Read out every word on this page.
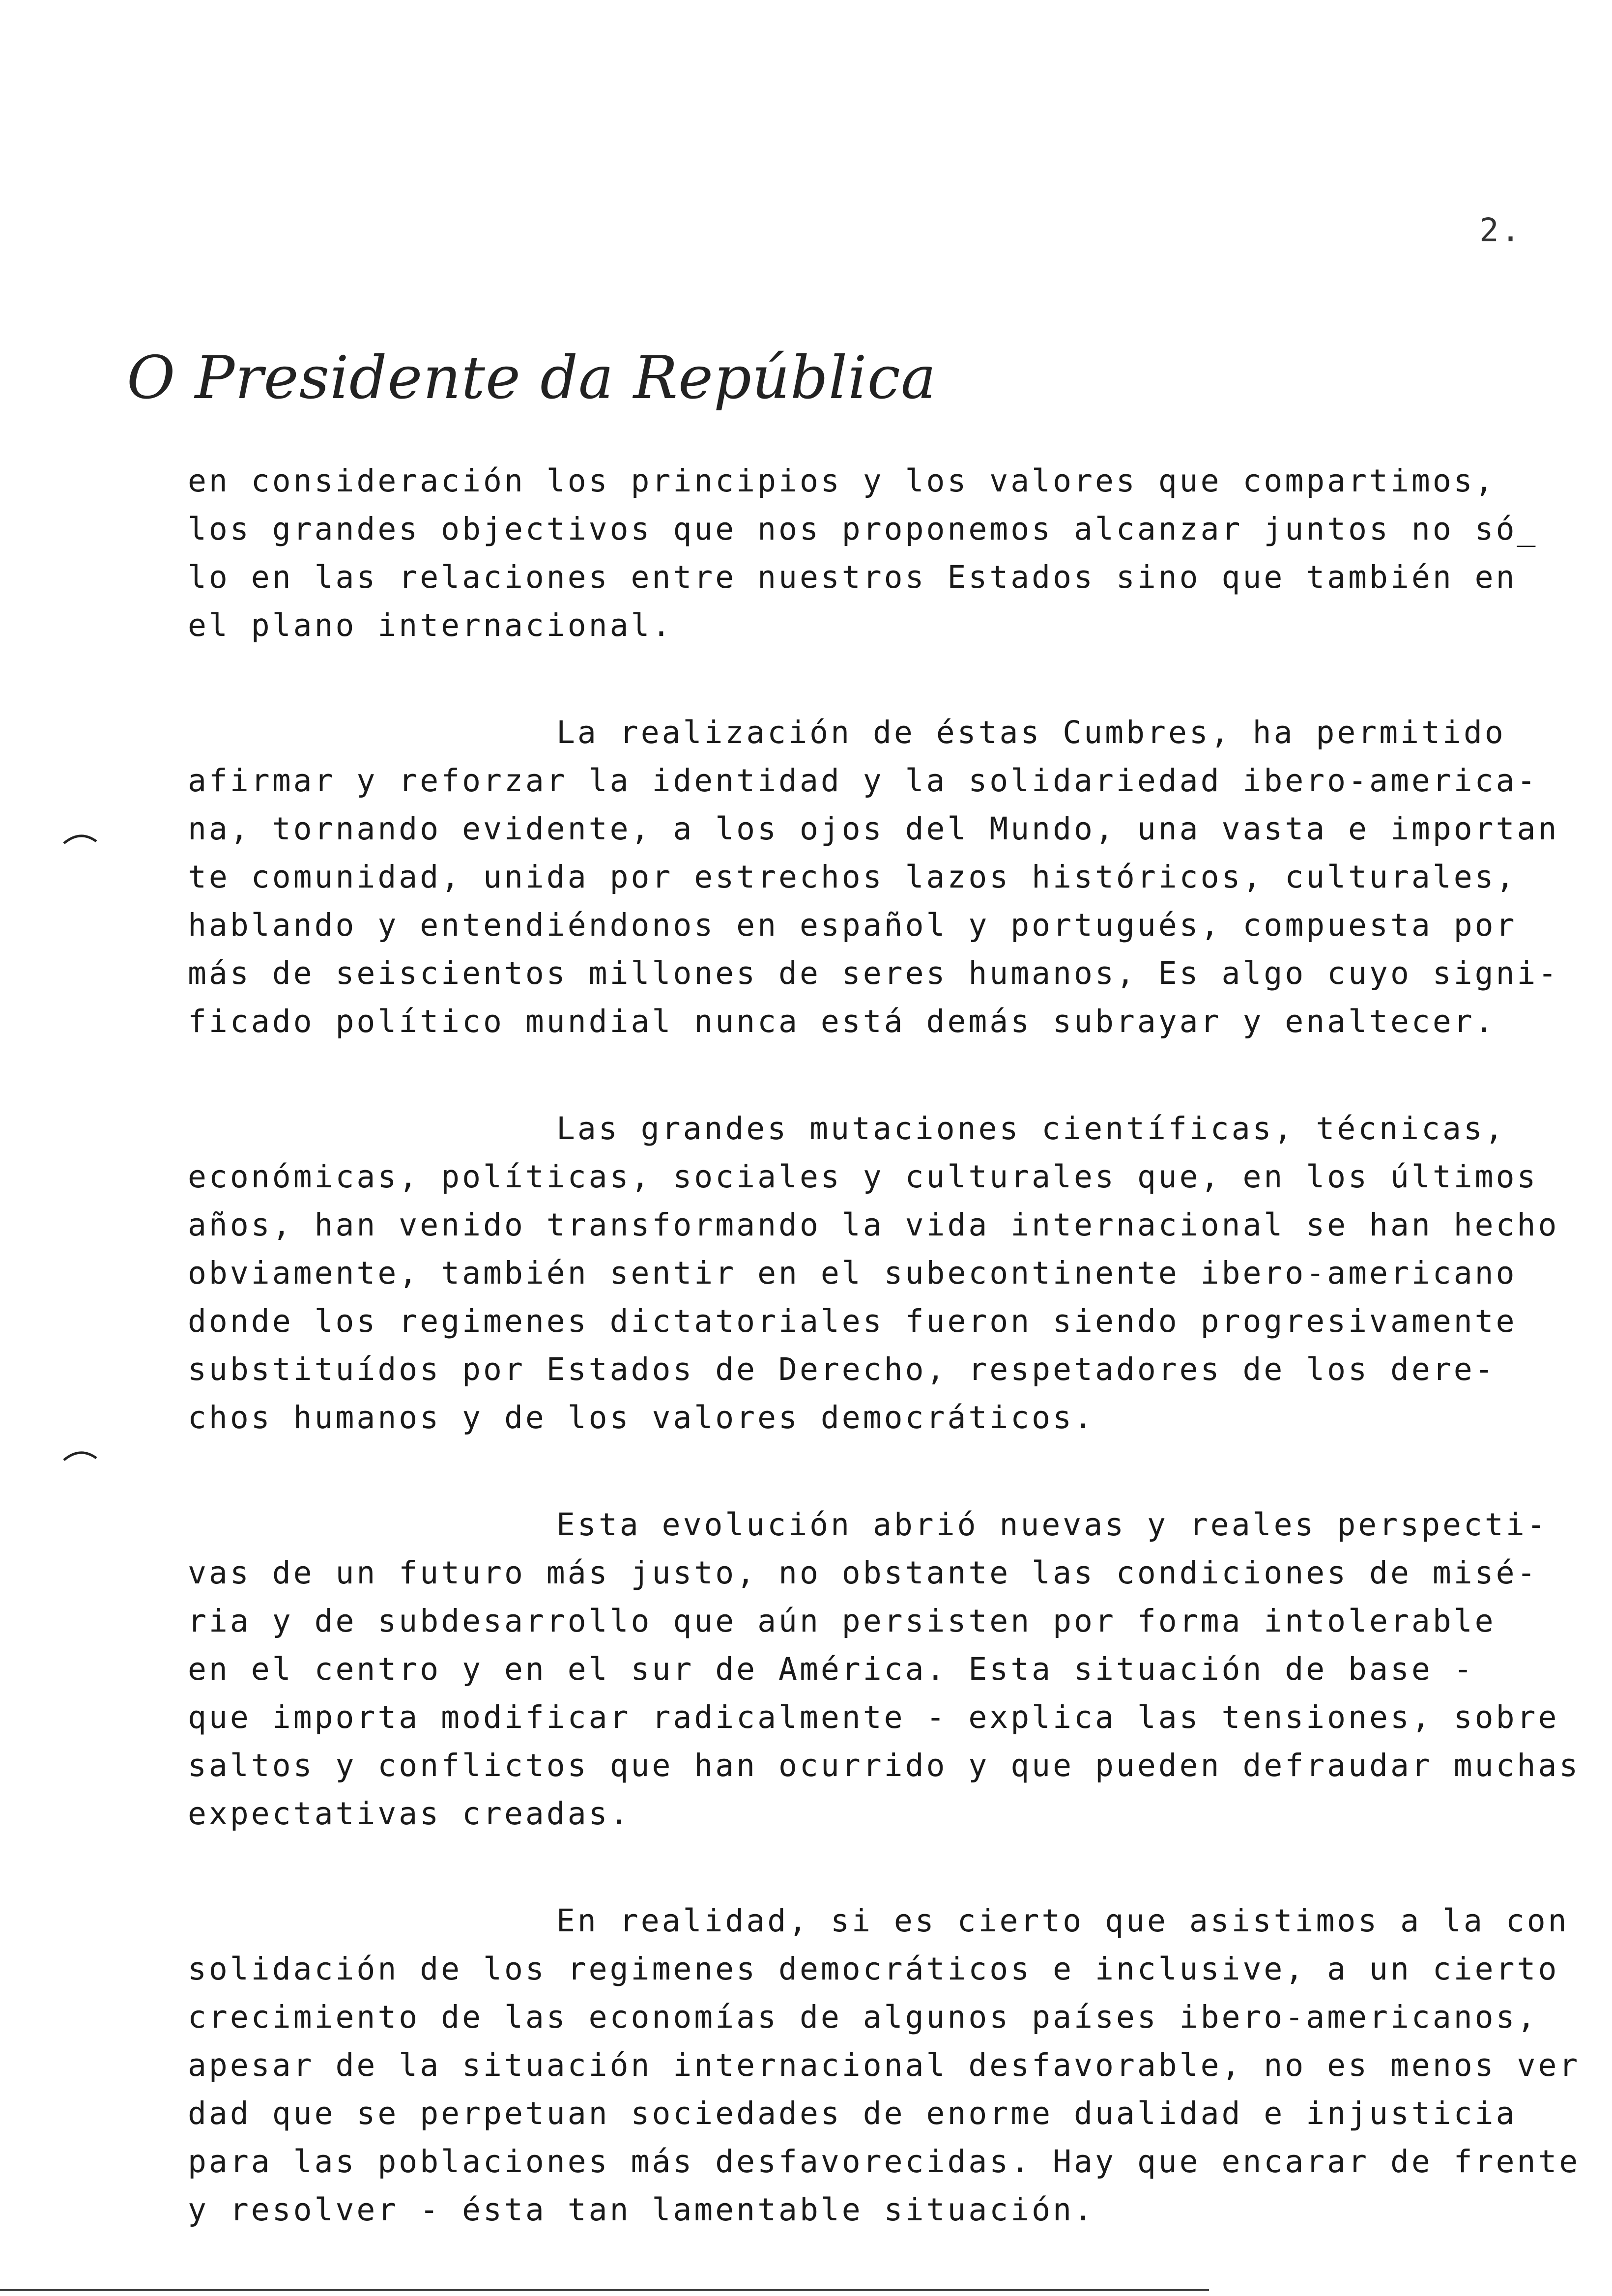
2.
O Presidente da República
en consideración los principios y los valores que compartimos,
los grandes objectivos que nos proponemos alcanzar juntos no só_
lo en las relaciones entre nuestros Estados sino que también en
el plano internacional.
La realización de éstas Cumbres, ha permitido
afirmar y reforzar la identidad y la solidariedad ibero-america-
na, tornando evidente, a los ojos del Mundo, una vasta e importan
te comunidad, unida por estrechos lazos históricos, culturales,
hablando y entendiéndonos en español y portugués, compuesta por
más de seiscientos millones de seres humanos, Es algo cuyo signi-
ficado político mundial nunca está demás subrayar y enaltecer.
Las grandes mutaciones científicas, técnicas,
económicas, políticas, sociales y culturales que, en los últimos
años, han venido transformando la vida internacional se han hecho
obviamente, también sentir en el subecontinente ibero-americano
donde los regimenes dictatoriales fueron siendo progresivamente
substituídos por Estados de Derecho, respetadores de los dere-
chos humanos y de los valores democráticos.
Esta evolución abrió nuevas y reales perspecti-
vas de un futuro más justo, no obstante las condiciones de misé-
ria y de subdesarrollo que aún persisten por forma intolerable
en el centro y en el sur de América. Esta situación de base -
que importa modificar radicalmente - explica las tensiones, sobre
saltos y conflictos que han ocurrido y que pueden defraudar muchas
expectativas creadas.
En realidad, si es cierto que asistimos a la con
solidación de los regimenes democráticos e inclusive, a un cierto
crecimiento de las economías de algunos países ibero-americanos,
apesar de la situación internacional desfavorable, no es menos ver
dad que se perpetuan sociedades de enorme dualidad e injusticia
para las poblaciones más desfavorecidas. Hay que encarar de frente
y resolver - ésta tan lamentable situación.
